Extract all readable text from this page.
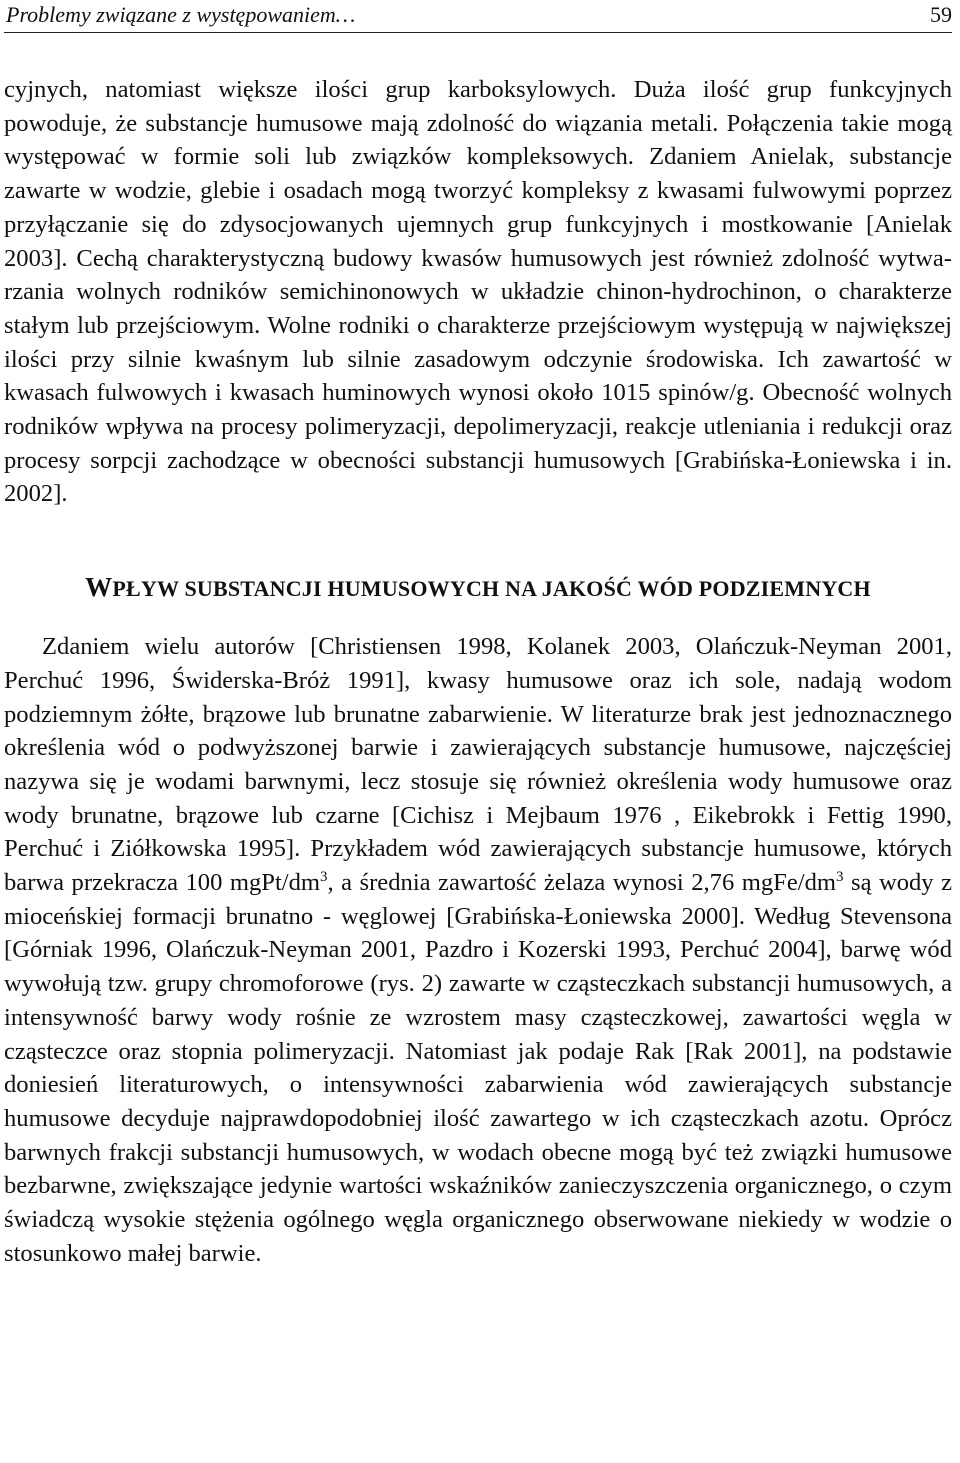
Problemy związane z występowaniem…	59

cyjnych, natomiast większe ilości grup karboksylowych. Duża ilość grup funkcyjnych powoduje, że substancje humusowe mają zdolność do wiązania metali. Połączenia takie mogą występować w formie soli lub związków kompleksowych. Zdaniem Anielak, substancje zawarte w wodzie, glebie i osadach mogą tworzyć kompleksy z kwasami fulwowymi poprzez przyłączanie się do zdysocjowanych ujemnych grup funkcyjnych i mostkowanie [Anielak 2003]. Cechą charakterystyczną budowy kwasów humusowych jest również zdolność wytwarzania wolnych rodników semichinonowych w układzie chinon-hydrochinon, o charakterze stałym lub przejściowym. Wolne rodniki o charakterze przejściowym występują w największej ilości przy silnie kwaśnym lub silnie zasadowym odczynie środowiska. Ich zawartość w kwasach fulwowych i kwasach huminowych wynosi około 1015 spinów/g. Obecność wolnych rodników wpływa na procesy polimeryzacji, depolimeryzacji, reakcje utleniania i redukcji oraz procesy sorpcji zachodzące w obecności substancji humusowych [Grabińska-Łoniewska i in. 2002].

WPŁYW SUBSTANCJI HUMUSOWYCH NA JAKOŚĆ WÓD PODZIEMNYCH

Zdaniem wielu autorów [Christiensen 1998, Kolanek 2003, Olańczuk-Neyman 2001, Perchuć 1996, Świderska-Bróż 1991], kwasy humusowe oraz ich sole, nadają wodom podziemnym żółte, brązowe lub brunatne zabarwienie. W literaturze brak jest jednoznacznego określenia wód o podwyższonej barwie i zawierających substancje humusowe, najczęściej nazywa się je wodami barwnymi, lecz stosuje się również określenia wody humusowe oraz wody brunatne, brązowe lub czarne [Cichisz i Mejbaum 1976 , Eikebrokk i Fettig 1990, Perchuć i Ziółkowska 1995]. Przykładem wód zawierających substancje humusowe, których barwa przekracza 100 mgPt/$dm^3$, a średnia zawartość żelaza wynosi 2,76 mgFe/$dm^3$ są wody z mioceńskiej formacji brunatno - węglowej [Grabińska-Łoniewska 2000]. Według Stevensona [Górniak 1996, Olańczuk-Neyman 2001, Pazdro i Kozerski 1993, Perchuć 2004], barwę wód wywołują tzw. grupy chromoforowe (rys. 2) zawarte w cząsteczkach substancji humusowych, a intensywność barwy wody rośnie ze wzrostem masy cząsteczkowej, zawartości węgla w cząsteczce oraz stopnia polimeryzacji. Natomiast jak podaje Rak [Rak 2001], na podstawie doniesień literaturowych, o intensywności zabarwienia wód zawierających substancje humusowe decyduje najprawdopodobniej ilość zawartego w ich cząsteczkach azotu. Oprócz barwnych frakcji substancji humusowych, w wodach obecne mogą być też związki humusowe bezbarwne, zwiększające jedynie wartości wskaźników zanieczyszczenia organicznego, o czym świadczą wysokie stężenia ogólnego węgla organicznego obserwowane niekiedy w wodzie o stosunkowo małej barwie.
